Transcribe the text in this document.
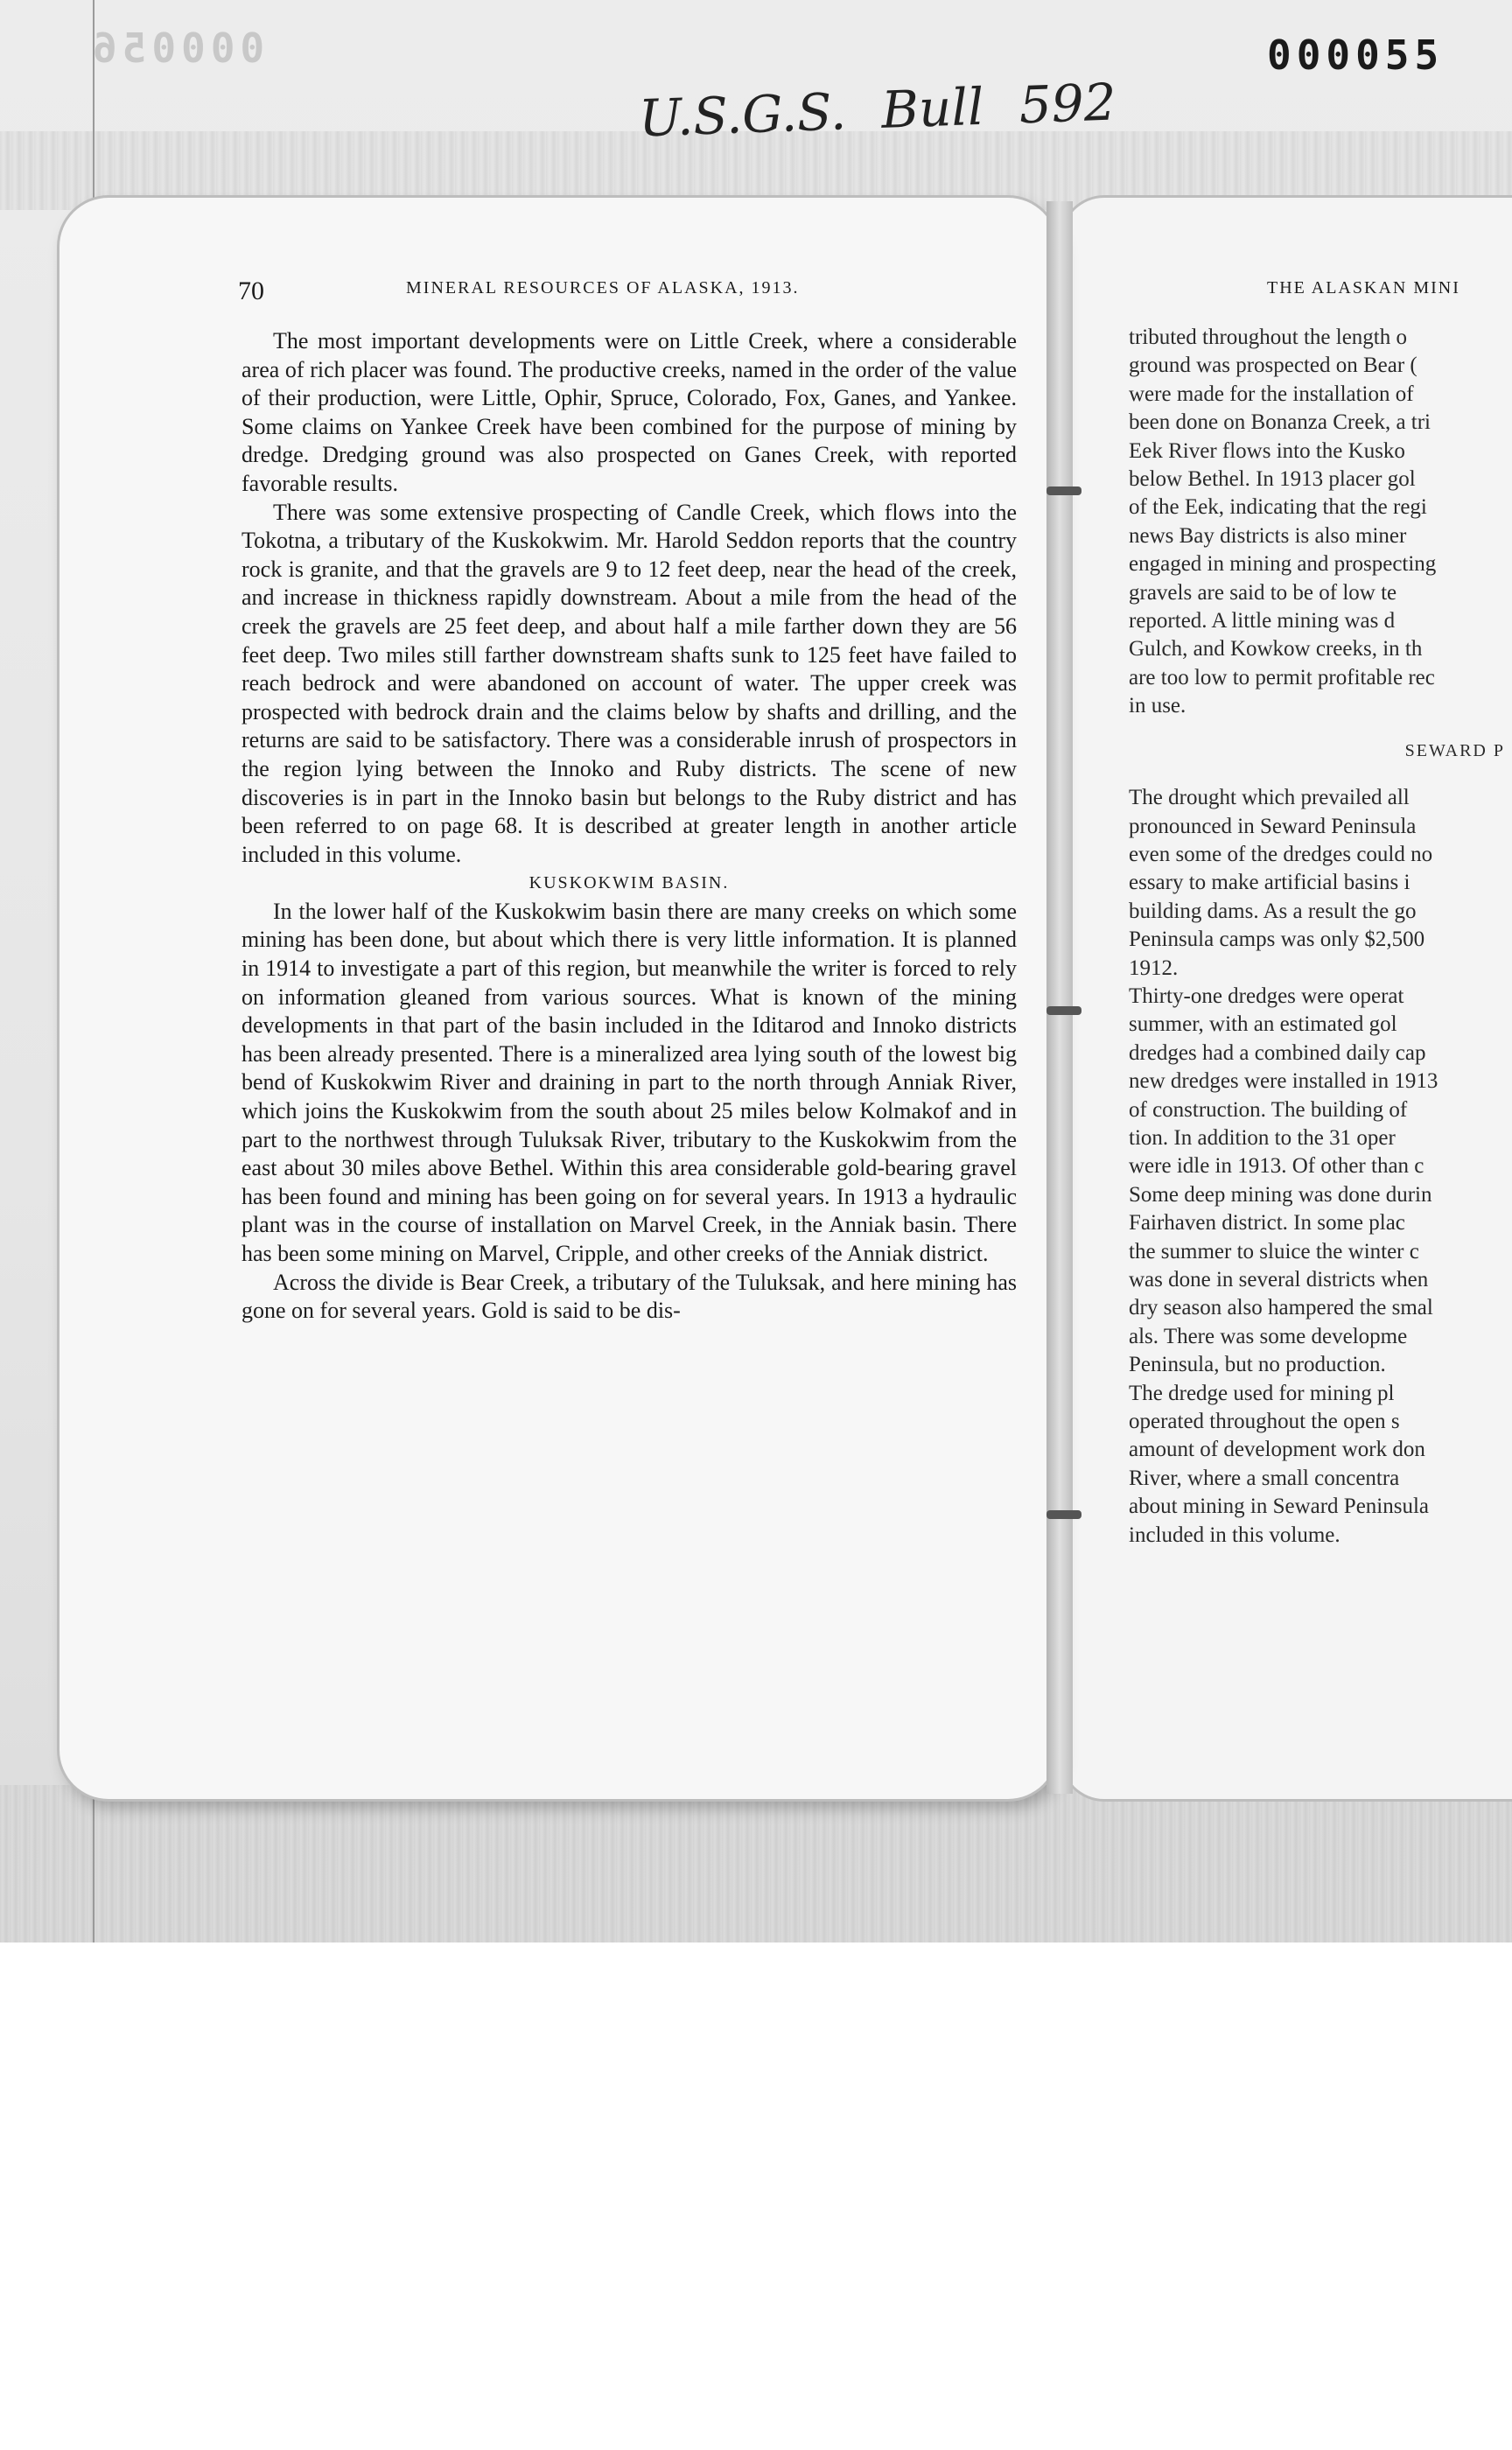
000056	000055
U.S.G.S. Bull 592
70	MINERAL RESOURCES OF ALASKA, 1913.	THE ALASKAN MINI

The most important developments were on Little Creek, where a considerable area of rich placer was found. The productive creeks, named in the order of the value of their production, were Little, Ophir, Spruce, Colorado, Fox, Ganes, and Yankee. Some claims on Yankee Creek have been combined for the purpose of mining by dredge. Dredging ground was also prospected on Ganes Creek, with reported favorable results.

There was some extensive prospecting of Candle Creek, which flows into the Tokotna, a tributary of the Kuskokwim. Mr. Harold Seddon reports that the country rock is granite, and that the gravels are 9 to 12 feet deep, near the head of the creek, and increase in thickness rapidly downstream. About a mile from the head of the creek the gravels are 25 feet deep, and about half a mile farther down they are 56 feet deep. Two miles still farther downstream shafts sunk to 125 feet have failed to reach bedrock and were abandoned on account of water. The upper creek was prospected with bedrock drain and the claims below by shafts and drilling, and the returns are said to be satisfactory. There was a considerable inrush of prospectors in the region lying between the Innoko and Ruby districts. The scene of new discoveries is in part in the Innoko basin but belongs to the Ruby district and has been referred to on page 68. It is described at greater length in another article included in this volume.

KUSKOKWIM BASIN.

In the lower half of the Kuskokwim basin there are many creeks on which some mining has been done, but about which there is very little information. It is planned in 1914 to investigate a part of this region, but meanwhile the writer is forced to rely on information gleaned from various sources. What is known of the mining developments in that part of the basin included in the Iditarod and Innoko districts has been already presented. There is a mineralized area lying south of the lowest big bend of Kuskokwim River and draining in part to the north through Anniak River, which joins the Kuskokwim from the south about 25 miles below Kolmakof and in part to the northwest through Tuluksak River, tributary to the Kuskokwim from the east about 30 miles above Bethel. Within this area considerable gold-bearing gravel has been found and mining has been going on for several years. In 1913 a hydraulic plant was in the course of installation on Marvel Creek, in the Anniak basin. There has been some mining on Marvel, Cripple, and other creeks of the Anniak district.

Across the divide is Bear Creek, a tributary of the Tuluksak, and here mining has gone on for several years. Gold is said to be dis-

tributed throughout the length o
ground was prospected on Bear (
were made for the installation of
been done on Bonanza Creek, a tri
Eek River flows into the Kusko
below Bethel. In 1913 placer gol
of the Eek, indicating that the regi
news Bay districts is also miner
engaged in mining and prospecting
gravels are said to be of low te
reported. A little mining was d
Gulch, and Kowkow creeks, in th
are too low to permit profitable rec
in use.
SEWARD P
The drought which prevailed all
pronounced in Seward Peninsula
even some of the dredges could no
essary to make artificial basins i
building dams. As a result the go
Peninsula camps was only $2,500
1912.
Thirty-one dredges were operat
summer, with an estimated gol
dredges had a combined daily cap
new dredges were installed in 1913
of construction. The building of
tion. In addition to the 31 oper
were idle in 1913. Of other than c
Some deep mining was done durin
Fairhaven district. In some plac
the summer to sluice the winter c
was done in several districts when
dry season also hampered the smal
als. There was some developme
Peninsula, but no production.
The dredge used for mining pl
operated throughout the open s
amount of development work don
River, where a small concentra
about mining in Seward Peninsula
included in this volume.
